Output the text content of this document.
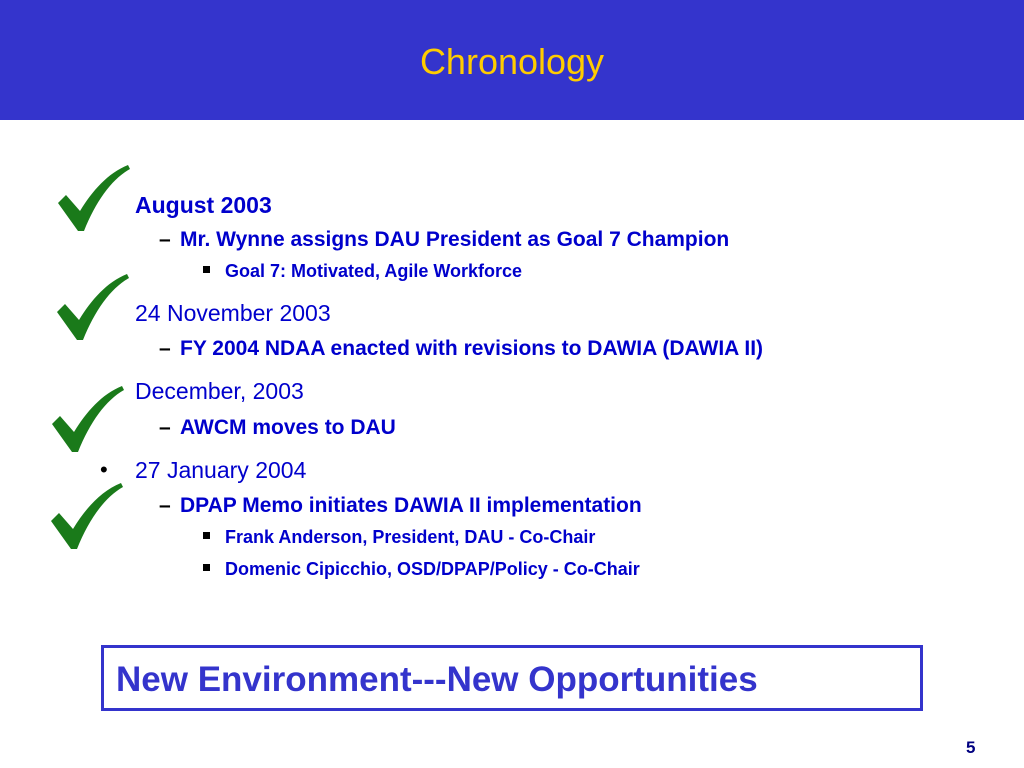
Chronology
August 2003
– Mr. Wynne assigns DAU President as Goal 7 Champion
Goal 7: Motivated, Agile Workforce
24 November 2003
– FY 2004 NDAA enacted with revisions to DAWIA (DAWIA II)
December, 2003
– AWCM moves to DAU
• 27 January 2004
– DPAP Memo initiates DAWIA II implementation
Frank Anderson, President, DAU - Co-Chair
Domenic Cipicchio, OSD/DPAP/Policy - Co-Chair
New Environment---New Opportunities
5
